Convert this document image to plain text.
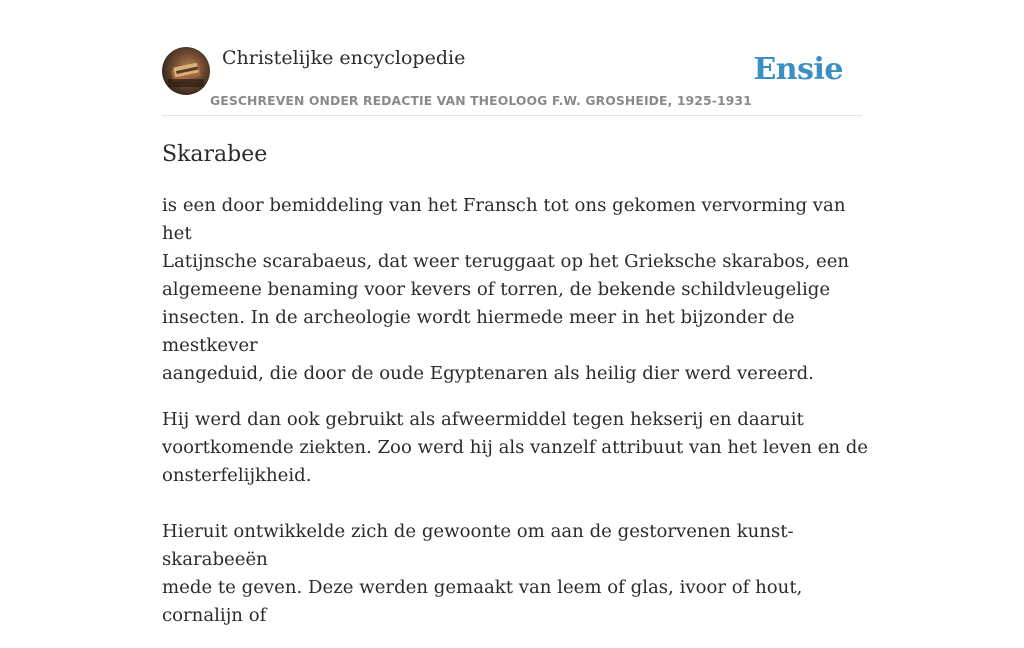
Christelijke encyclopedie
GESCHREVEN ONDER REDACTIE VAN THEOLOOG F.W. GROSHEIDE, 1925-1931
Ensie
Skarabee

is een door bemiddeling van het Fransch tot ons gekomen vervorming van het
Latijnsche scarabaeus, dat weer teruggaat op het Grieksche skarabos, een
algemeene benaming voor kevers of torren, de bekende schildvleugelige
insecten. In de archeologie wordt hiermede meer in het bijzonder de mestkever
aangeduid, die door de oude Egyptenaren als heilig dier werd vereerd.

Hij werd dan ook gebruikt als afweermiddel tegen hekserij en daaruit
voortkomende ziekten. Zoo werd hij als vanzelf attribuut van het leven en de
onsterfelijkheid.

Hieruit ontwikkelde zich de gewoonte om aan de gestorvenen kunst-skarabeeën
mede te geven. Deze werden gemaakt van leem of glas, ivoor of hout, cornalijn of
